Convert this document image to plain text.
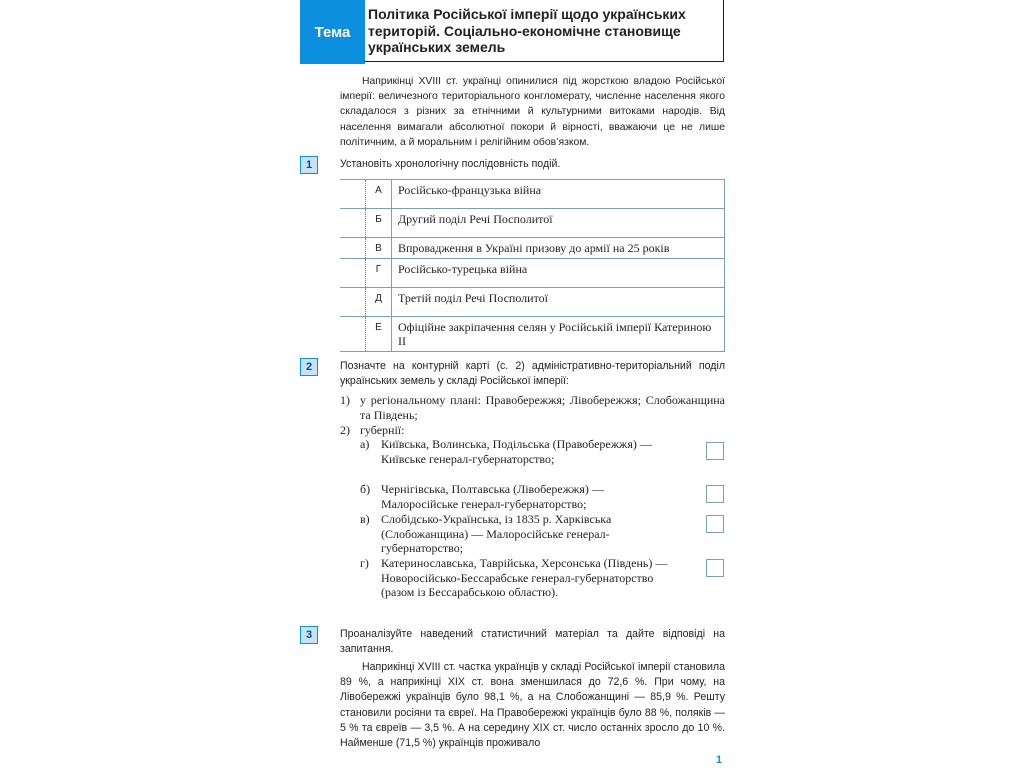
Тема
Політика Російської імперії щодо українських територій. Соціально-економічне становище українських земель
Наприкінці XVIII ст. українці опинилися під жорсткою владою Російської імперії: величезного територіального конгломерату, численне населення якого складалося з різних за етнічними й культурними витоками народів. Від населення вимагали абсолютної покори й вірності, вважаючи це не лише політичним, а й моральним і релігійним обов’язком.
1	Установіть хронологічну послідовність подій.
	А	Російсько-французька війна
	Б	Другий поділ Речі Посполитої
	В	Впровадження в Україні призову до армії на 25 років
	Г	Російсько-турецька війна
	Д	Третій поділ Речі Посполитої
	Е	Офіційне закріпачення селян у Російській імперії Катериною II
2	Позначте на контурній карті (с. 2) адміністративно-територіальний поділ українських земель у складі Російської імперії:
1) у регіональному плані: Правобережжя; Лівобережжя; Слобожанщина та Південь;
2) губернії:
а) Київська, Волинська, Подільська (Правобережжя) — Київське генерал-губернаторство;
б) Чернігівська, Полтавська (Лівобережжя) — Малоросійське генерал-губернаторство;
в) Слобідсько-Українська, із 1835 р. Харківська (Слобожанщина) — Малоросійське генерал-губернаторство;
г) Катеринославська, Таврійська, Херсонська (Південь) — Новоросійсько-Бессарабське генерал-губернаторство (разом із Бессарабською областю).
3	Проаналізуйте наведений статистичний матеріал та дайте відповіді на запитання.
Наприкінці XVIII ст. частка українців у складі Російської імперії становила 89 %, а наприкінці XIX ст. вона зменшилася до 72,6 %. При чому, на Лівобережжі українців було 98,1 %, а на Слобожанщині — 85,9 %. Решту становили росіяни та євреї. На Правобережжі українців було 88 %, поляків — 5 % та євреїв — 3,5 %. А на середину XIX ст. число останніх зросло до 10 %. Найменше (71,5 %) українців проживало
1
